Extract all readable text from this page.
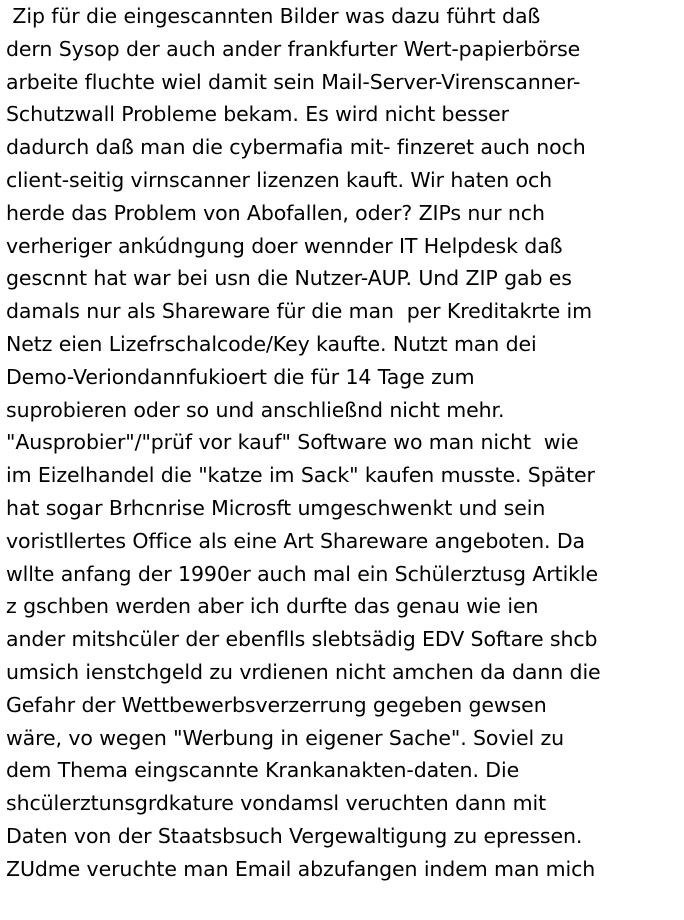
Zip für die eingescannten Bilder was dazu führt daß
dern Sysop der auch ander frankfurter Wert-papierbörse
arbeite fluchte wiel damit sein Mail-Server-Virenscanner-
Schutzwall Probleme bekam. Es wird nicht besser
dadurch daß man die cybermafia mit- finzeret auch noch
client-seitig virnscanner lizenzen kauft. Wir haten och
herde das Problem von Abofallen, oder? ZIPs nur nch
verheriger ankúdngung doer wennder IT Helpdesk daß
gescnnt hat war bei usn die Nutzer-AUP. Und ZIP gab es
damals nur als Shareware für die man  per Kreditakrte im
Netz eien Lizefrschalcode/Key kaufte. Nutzt man dei
Demo-Veriondannfukioert die für 14 Tage zum
suprobieren oder so und anschließnd nicht mehr.
"Ausprobier"/"prüf vor kauf" Software wo man nicht  wie
im Eizelhandel die "katze im Sack" kaufen musste. Später
hat sogar Brhcnrise Microsft umgeschwenkt und sein
voristllertes Office als eine Art Shareware angeboten. Da
wllte anfang der 1990er auch mal ein Schülerztusg Artikle
z gschben werden aber ich durfte das genau wie ien
ander mitshcüler der ebenflls slebtsädig EDV Softare shcb
umsich ienstchgeld zu vrdienen nicht amchen da dann die
Gefahr der Wettbewerbsverzerrung gegeben gewsen
wäre, vo wegen "Werbung in eigener Sache". Soviel zu
dem Thema eingscannte Krankanakten-daten. Die
shcülerztunsgrdkature vondamsl veruchten dann mit
Daten von der Staatsbsuch Vergewaltigung zu epressen.
ZUdme veruchte man Email abzufangen indem man mich
